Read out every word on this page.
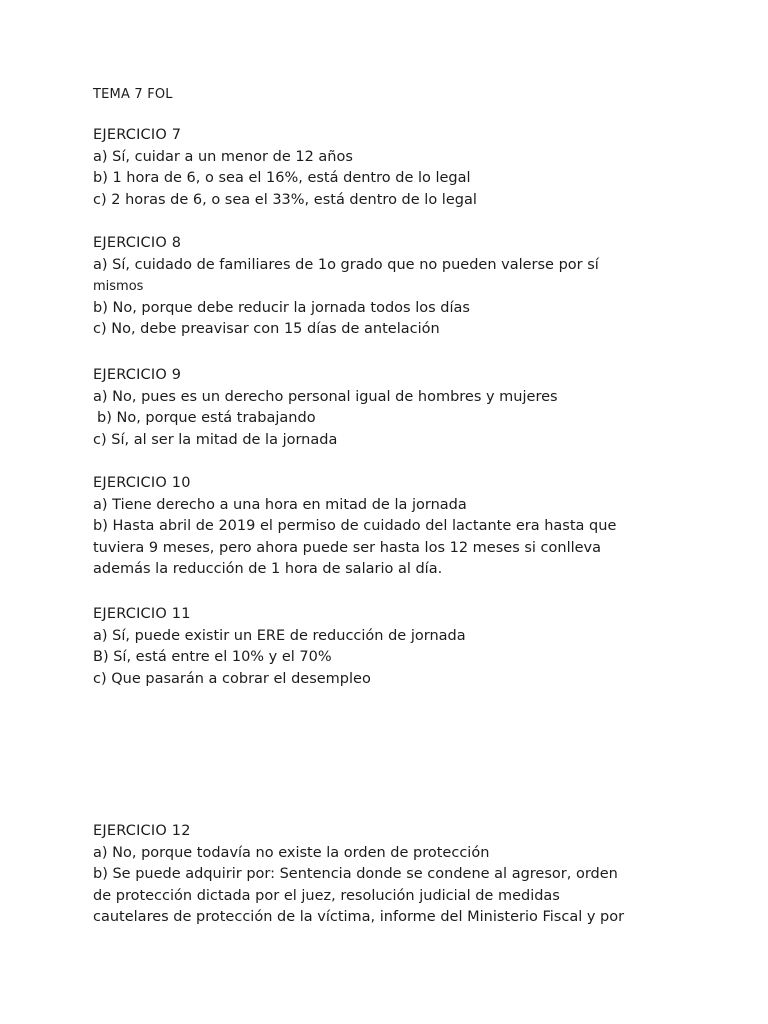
TEMA 7 FOL
EJERCICIO 7
a) Sí, cuidar a un menor de 12 años
b) 1 hora de 6, o sea el 16%, está dentro de lo legal
c) 2 horas de 6, o sea el 33%, está dentro de lo legal
EJERCICIO 8
a) Sí, cuidado de familiares de 1o grado que no pueden valerse por sí
mismos
b) No, porque debe reducir la jornada todos los días
c) No, debe preavisar con 15 días de antelación
EJERCICIO 9
a) No, pues es un derecho personal igual de hombres y mujeres
b) No, porque está trabajando
c) Sí, al ser la mitad de la jornada
EJERCICIO 10
a) Tiene derecho a una hora en mitad de la jornada
b) Hasta abril de 2019 el permiso de cuidado del lactante era hasta que
tuviera 9 meses, pero ahora puede ser hasta los 12 meses si conlleva
además la reducción de 1 hora de salario al día.
EJERCICIO 11
a) Sí, puede existir un ERE de reducción de jornada
B) Sí, está entre el 10% y el 70%
c) Que pasarán a cobrar el desempleo
EJERCICIO 12
a) No, porque todavía no existe la orden de protección
b) Se puede adquirir por: Sentencia donde se condene al agresor, orden
de protección dictada por el juez, resolución judicial de medidas
cautelares de protección de la víctima, informe del Ministerio Fiscal y por
